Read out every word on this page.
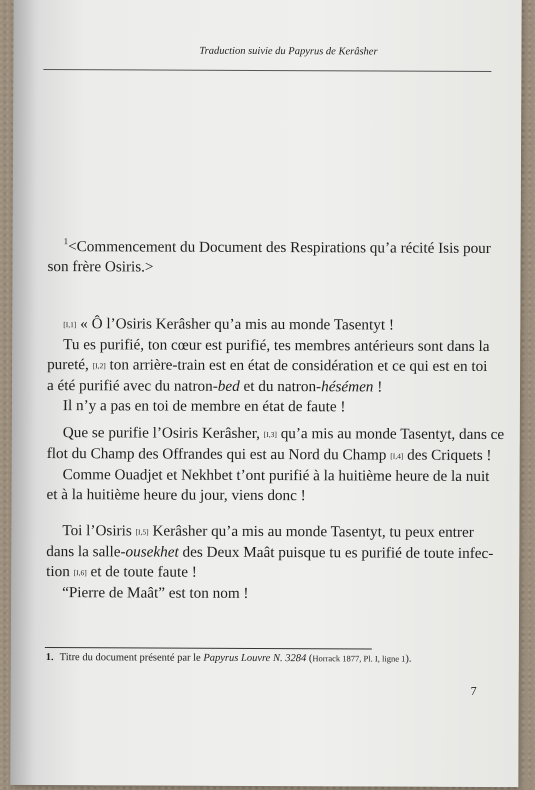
Traduction suivie du Papyrus de Kerâsher
$^1$<Commencement du Document des Respirations qu’a récité Isis pour
son frère Osiris.>
[I,1] « Ô l’Osiris Kerâsher qu’a mis au monde Tasentyt !
Tu es purifié, ton cœur est purifié, tes membres antérieurs sont dans la
pureté, [I,2] ton arrière-train est en état de considération et ce qui est en toi
a été purifié avec du natron-bed et du natron-hésémen !
Il n’y a pas en toi de membre en état de faute !
Que se purifie l’Osiris Kerâsher, [I,3] qu’a mis au monde Tasentyt, dans ce
flot du Champ des Offrandes qui est au Nord du Champ [I,4] des Criquets !
Comme Ouadjet et Nekhbet t’ont purifié à la huitième heure de la nuit
et à la huitième heure du jour, viens donc !
Toi l’Osiris [I,5] Kerâsher qu’a mis au monde Tasentyt, tu peux entrer
dans la salle-ousekhet des Deux Maât puisque tu es purifié de toute infec-
tion [I,6] et de toute faute !
“Pierre de Maât” est ton nom !
1. Titre du document présenté par le Papyrus Louvre N. 3284 (Horrack 1877, Pl. I, ligne 1).
7
